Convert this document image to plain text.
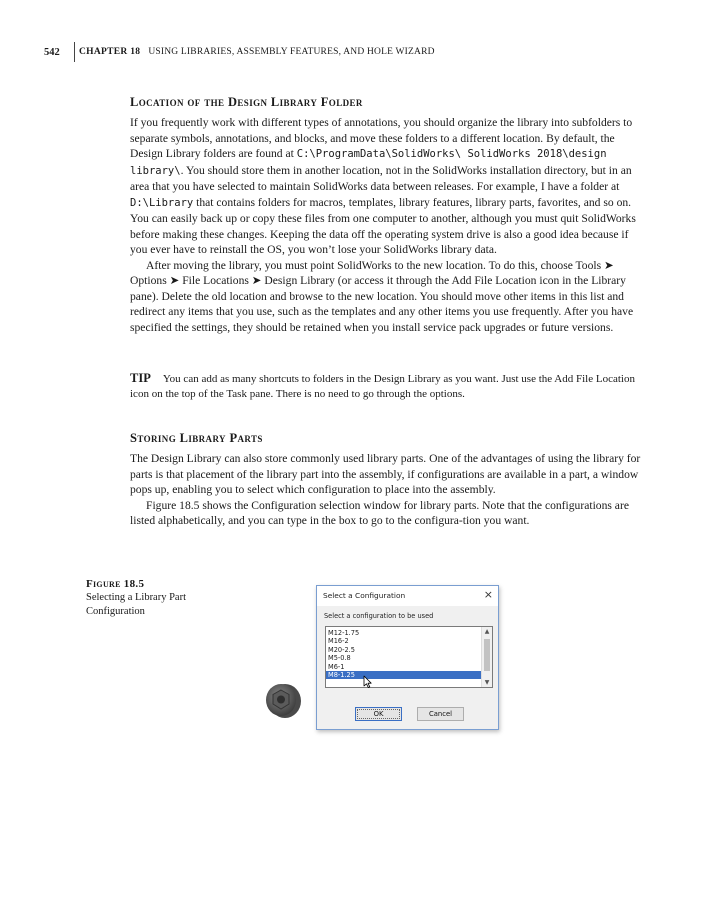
542	CHAPTER 18 USING LIBRARIES, ASSEMBLY FEATURES, AND HOLE WIZARD
Location of the Design Library Folder

If you frequently work with different types of annotations, you should organize the library into subfolders to separate symbols, annotations, and blocks, and move these folders to a different location. By default, the Design Library folders are found at C:\ProgramData\SolidWorks\ SolidWorks 2018\design library\. You should store them in another location, not in the SolidWorks installation directory, but in an area that you have selected to maintain SolidWorks data between releases. For example, I have a folder at D:\Library that contains folders for macros, templates, library features, library parts, favorites, and so on. You can easily back up or copy these files from one computer to another, although you must quit SolidWorks before making these changes. Keeping the data off the operating system drive is also a good idea because if you ever have to reinstall the OS, you won’t lose your SolidWorks library data.

After moving the library, you must point SolidWorks to the new location. To do this, choose Tools ➤ Options ➤ File Locations ➤ Design Library (or access it through the Add File Location icon in the Library pane). Delete the old location and browse to the new location. You should move other items in this list and redirect any items that you use, such as the templates and any other items you use frequently. After you have specified the settings, they should be retained when you install service pack upgrades or future versions.

TIP You can add as many shortcuts to folders in the Design Library as you want. Just use the Add File Location icon on the top of the Task pane. There is no need to go through the options.
Storing Library Parts

The Design Library can also store commonly used library parts. One of the advantages of using the library for parts is that placement of the library part into the assembly, if configurations are available in a part, a window pops up, enabling you to select which configuration to place into the assembly.

Figure 18.5 shows the Configuration selection window for library parts. Note that the configurations are listed alphabetically, and you can type in the box to go to the configura-tion you want.

Figure 18.5
Selecting a Library Part Configuration
Select a Configuration	×
Select a configuration to be used
M12-1.75
M16-2
M20-2.5
M5-0.8
M6-1
M8-1.25
▲
▼
OK	Cancel
